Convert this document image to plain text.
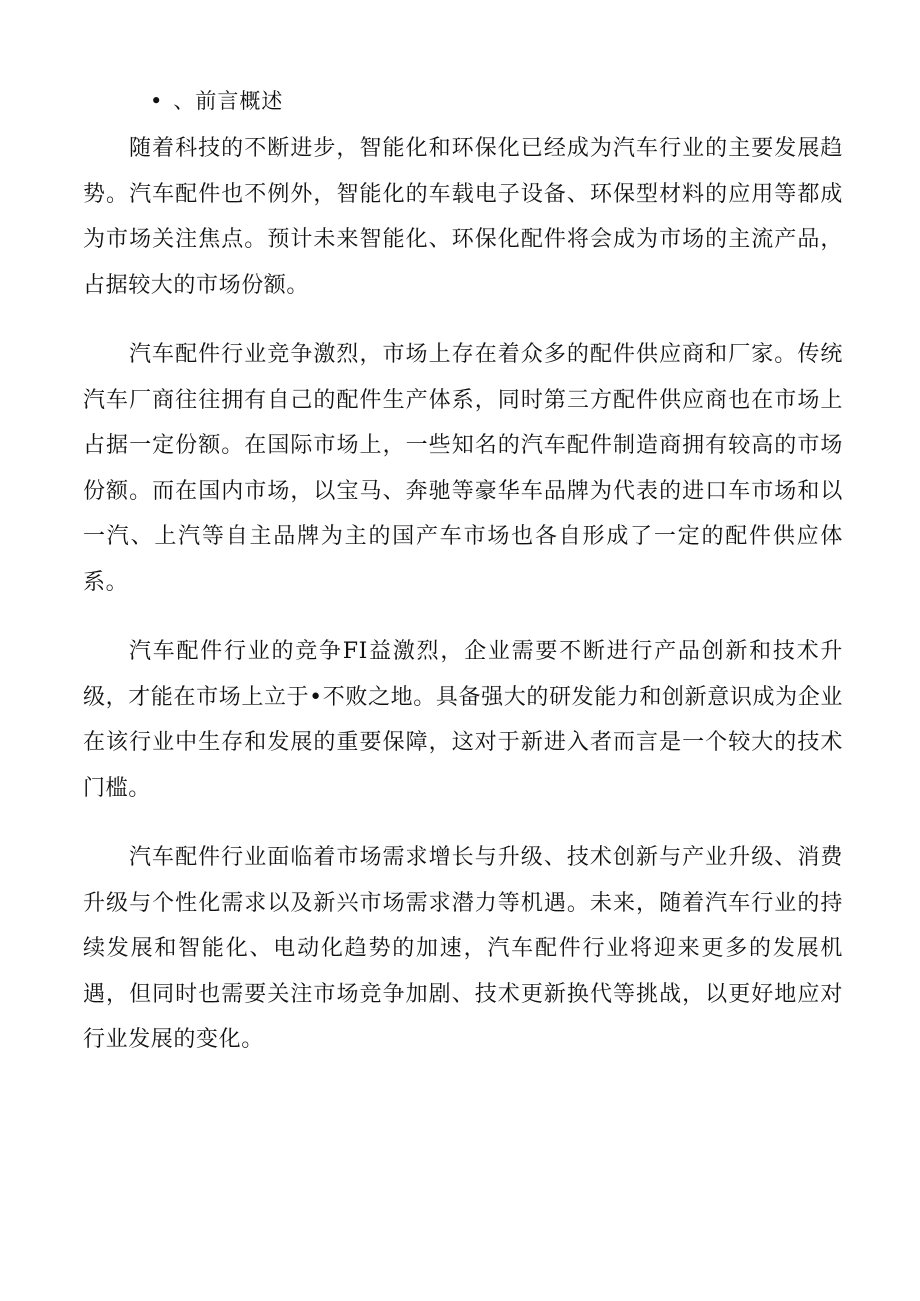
• 、前言概述

随着科技的不断进步，智能化和环保化已经成为汽车行业的主要发展趋势。汽车配件也不例外，智能化的车载电子设备、环保型材料的应用等都成为市场关注焦点。预计未来智能化、环保化配件将会成为市场的主流产品，占据较大的市场份额。

汽车配件行业竞争激烈，市场上存在着众多的配件供应商和厂家。传统汽车厂商往往拥有自己的配件生产体系，同时第三方配件供应商也在市场上占据一定份额。在国际市场上，一些知名的汽车配件制造商拥有较高的市场份额。而在国内市场，以宝马、奔驰等豪华车品牌为代表的进口车市场和以一汽、上汽等自主品牌为主的国产车市场也各自形成了一定的配件供应体系。

汽车配件行业的竞争FI益激烈，企业需要不断进行产品创新和技术升级，才能在市场上立于•不败之地。具备强大的研发能力和创新意识成为企业在该行业中生存和发展的重要保障，这对于新进入者而言是一个较大的技术门槛。

汽车配件行业面临着市场需求增长与升级、技术创新与产业升级、消费升级与个性化需求以及新兴市场需求潜力等机遇。未来，随着汽车行业的持续发展和智能化、电动化趋势的加速，汽车配件行业将迎来更多的发展机遇，但同时也需要关注市场竞争加剧、技术更新换代等挑战，以更好地应对行业发展的变化。
